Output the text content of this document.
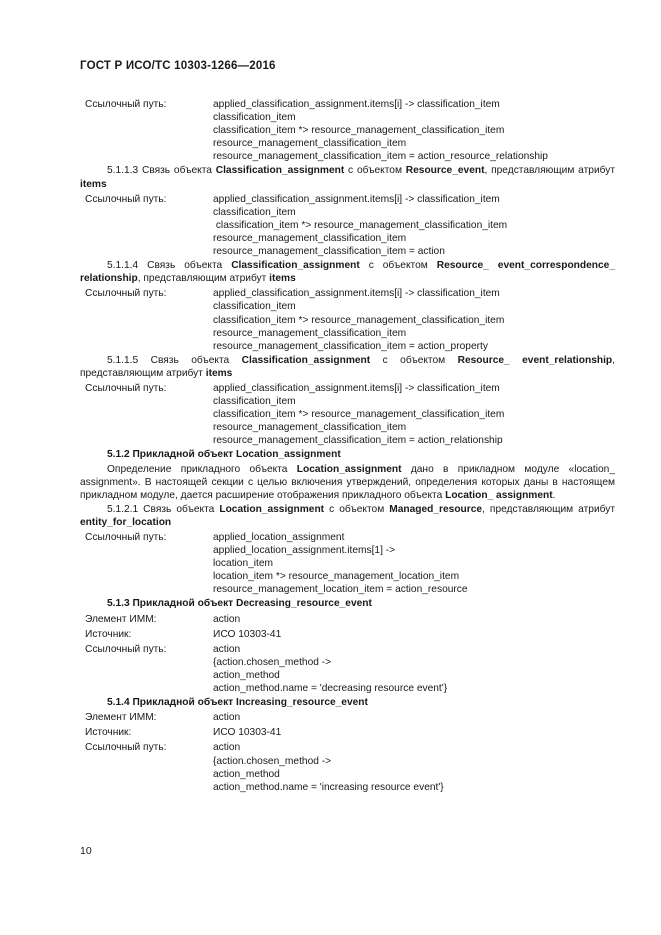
ГОСТ Р ИСО/ТС 10303-1266—2016
Ссылочный путь:	applied_classification_assignment.items[i] -> classification_item
classification_item
classification_item *> resource_management_classification_item
resource_management_classification_item
resource_management_classification_item = action_resource_relationship
5.1.1.3 Связь объекта Classification_assignment с объектом Resource_event, представляющим атрибут items
Ссылочный путь:	applied_classification_assignment.items[i] -> classification_item
classification_item
classification_item *> resource_management_classification_item
resource_management_classification_item
resource_management_classification_item = action
5.1.1.4 Связь объекта Classification_assignment с объектом Resource_ event_correspondence_ relationship, представляющим атрибут items
Ссылочный путь:	applied_classification_assignment.items[i] -> classification_item
classification_item
classification_item *> resource_management_classification_item
resource_management_classification_item
resource_management_classification_item = action_property
5.1.1.5 Связь объекта Classification_assignment с объектом Resource_ event_relationship, представляющим атрибут items
Ссылочный путь:	applied_classification_assignment.items[i] -> classification_item
classification_item
classification_item *> resource_management_classification_item
resource_management_classification_item
resource_management_classification_item = action_relationship
5.1.2 Прикладной объект Location_assignment
Определение прикладного объекта Location_assignment дано в прикладном модуле «location_ assignment». В настоящей секции с целью включения утверждений, определения которых даны в настоящем прикладном модуле, дается расширение отображения прикладного объекта Location_ assignment.
5.1.2.1 Связь объекта Location_assignment с объектом Managed_resource, представляющим атрибут entity_for_location
Ссылочный путь:	applied_location_assignment
applied_location_assignment.items[1] ->
location_item
location_item *> resource_management_location_item
resource_management_location_item = action_resource
5.1.3 Прикладной объект Decreasing_resource_event
Элемент ИММ:	action
Источник:	ИСО 10303-41
Ссылочный путь:	action
{action.chosen_method ->
action_method
action_method.name = 'decreasing resource event'}
5.1.4 Прикладной объект Increasing_resource_event
Элемент ИММ:	action
Источник:	ИСО 10303-41
Ссылочный путь:	action
{action.chosen_method ->
action_method
action_method.name = 'increasing resource event'}
10
